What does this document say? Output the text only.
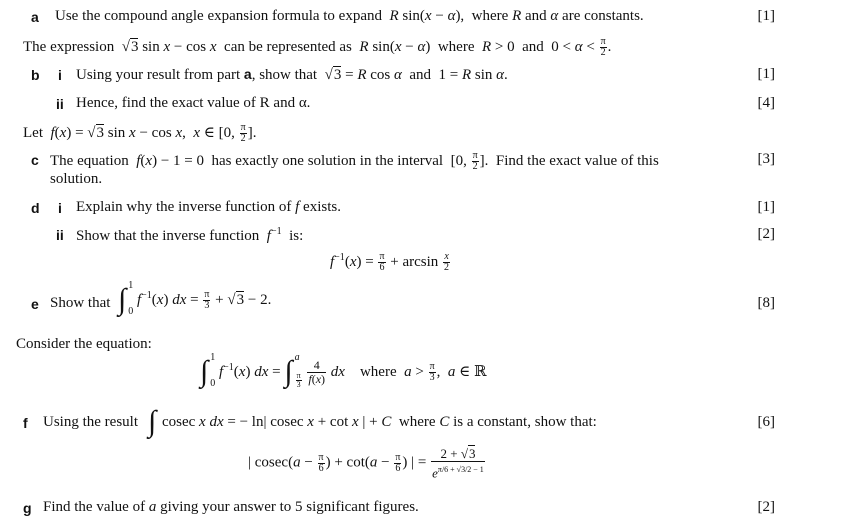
a Use the compound angle expansion formula to expand  R sin(x − α),  where R and α are constants.	[1]
The expression  √3 sin x − cos x  can be represented as  R sin(x − α)  where  R > 0  and  $0 < \alpha < \frac{\pi}{2}$ .
b i Using your result from part a, show that  √3 = R cos α  and  1 = R sin α.	[1]
ii Hence, find the exact value of R and α.	[4]
Let  f(x) = √3 sin x − cos x,  x ∈ [0, $\frac{\pi}{2}$ ].
c The equation  f(x) − 1 = 0  has exactly one solution in the interval  [0, $\frac{\pi}{2}$ ].  Find the exact value of this
solution.
[3]
d i Explain why the inverse function of f exists.	[1]
ii Show that the inverse function  $f^{-1}$  is:	[2]
$f^{-1}(x) = \frac{\pi}{6} + \arcsin \frac{x}{2}$
e Show that ∫ 1
0
$f^{-1}(x)$ dx = $\frac{\pi}{3} + √3 - 2$.	[8]
Consider the equation:
∫ 1
0
$f^{-1}(x)$ dx = ∫ a
$\frac{\pi}{3}$
$\frac{4}{f(x)}$ dx    where  $a > \frac{\pi}{3}$ ,  a ∈ ℝ
f Using the result ∫ cosec x dx = − ln| cosec x + cot x | + C  where C is a constant, show that:	[6]
| $cosec(a - \frac{\pi}{6}$ ) + $\cot(a - \frac{\pi}{6}$ ) | = $\frac{2 + √3}{e^{\pi/6 + √3/2 - 1}}$
g Find the value of a giving your answer to 5 significant figures.	[2]
